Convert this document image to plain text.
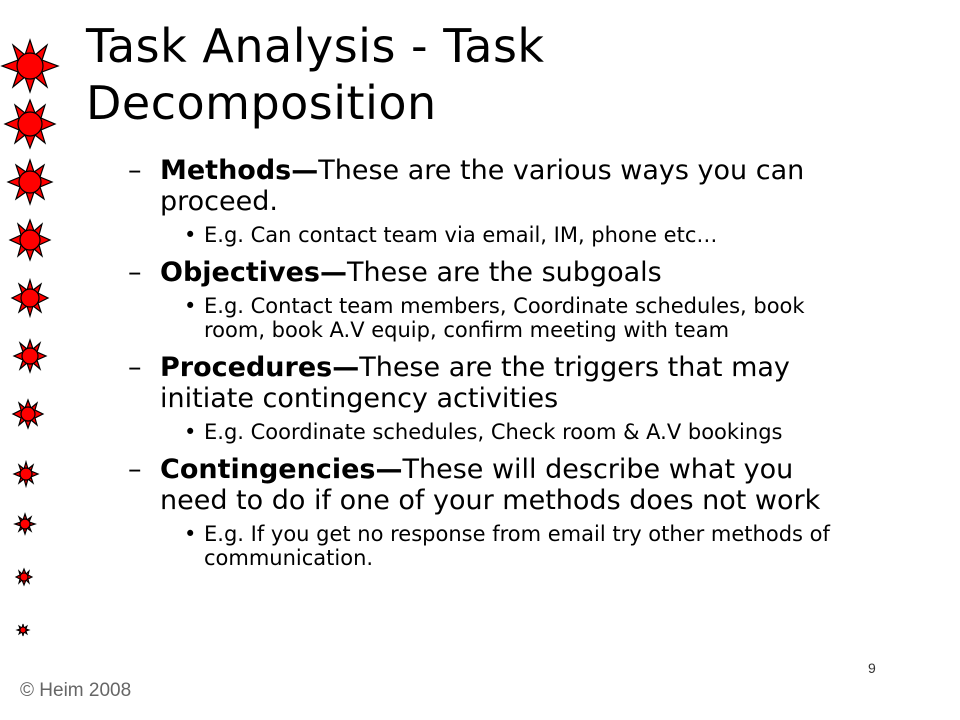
Task Analysis - Task Decomposition
– Methods—These are the various ways you can proceed.
• E.g. Can contact team via email, IM, phone etc…
– Objectives—These are the subgoals
• E.g. Contact team members, Coordinate schedules, book room, book A.V equip, confirm meeting with team
– Procedures—These are the triggers that may initiate contingency activities
• E.g. Coordinate schedules, Check room & A.V bookings
– Contingencies—These will describe what you need to do if one of your methods does not work
• E.g. If you get no response from email try other methods of communication.
© Heim 2008
9
